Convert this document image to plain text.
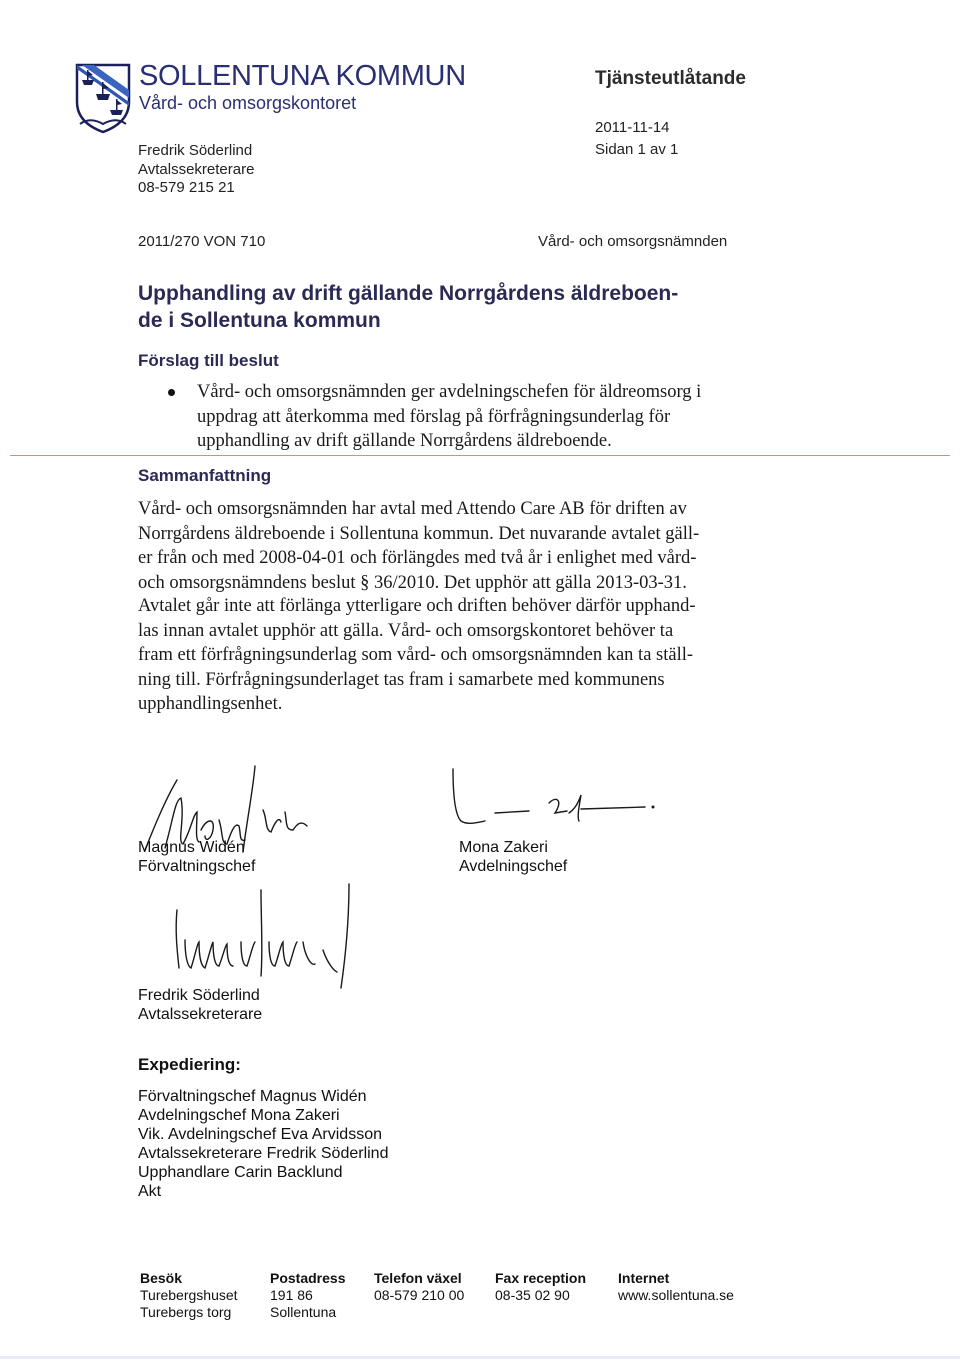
SOLLENTUNA KOMMUN
Vård- och omsorgskontoret
Tjänsteutlåtande
Fredrik Söderlind
Avtalssekreterare
08-579 215 21
2011-11-14
Sidan 1 av 1
2011/270 VON 710	Vård- och omsorgsnämnden
Upphandling av drift gällande Norrgårdens äldreboen-
de i Sollentuna kommun
Förslag till beslut
Vård- och omsorgsnämnden ger avdelningschefen för äldreomsorg i
uppdrag att återkomma med förslag på förfrågningsunderlag för
upphandling av drift gällande Norrgårdens äldreboende.
Sammanfattning
Vård- och omsorgsnämnden har avtal med Attendo Care AB för driften av
Norrgårdens äldreboende i Sollentuna kommun. Det nuvarande avtalet gäll-
er från och med 2008-04-01 och förlängdes med två år i enlighet med vård-
och omsorgsnämndens beslut § 36/2010. Det upphör att gälla 2013-03-31.
Avtalet går inte att förlänga ytterligare och driften behöver därför upphand-
las innan avtalet upphör att gälla. Vård- och omsorgskontoret behöver ta
fram ett förfrågningsunderlag som vård- och omsorgsnämnden kan ta ställ-
ning till. Förfrågningsunderlaget tas fram i samarbete med kommunens
upphandlingsenhet.
Magnus Widén
Förvaltningschef
Mona Zakeri
Avdelningschef
Fredrik Söderlind
Avtalssekreterare
Expediering:
Förvaltningschef Magnus Widén
Avdelningschef Mona Zakeri
Vik. Avdelningschef Eva Arvidsson
Avtalssekreterare Fredrik Söderlind
Upphandlare Carin Backlund
Akt
Besök
Turebergshuset
Turebergs torg
Postadress
191 86
Sollentuna
Telefon växel
08-579 210 00
Fax reception
08-35 02 90
Internet
www.sollentuna.se
